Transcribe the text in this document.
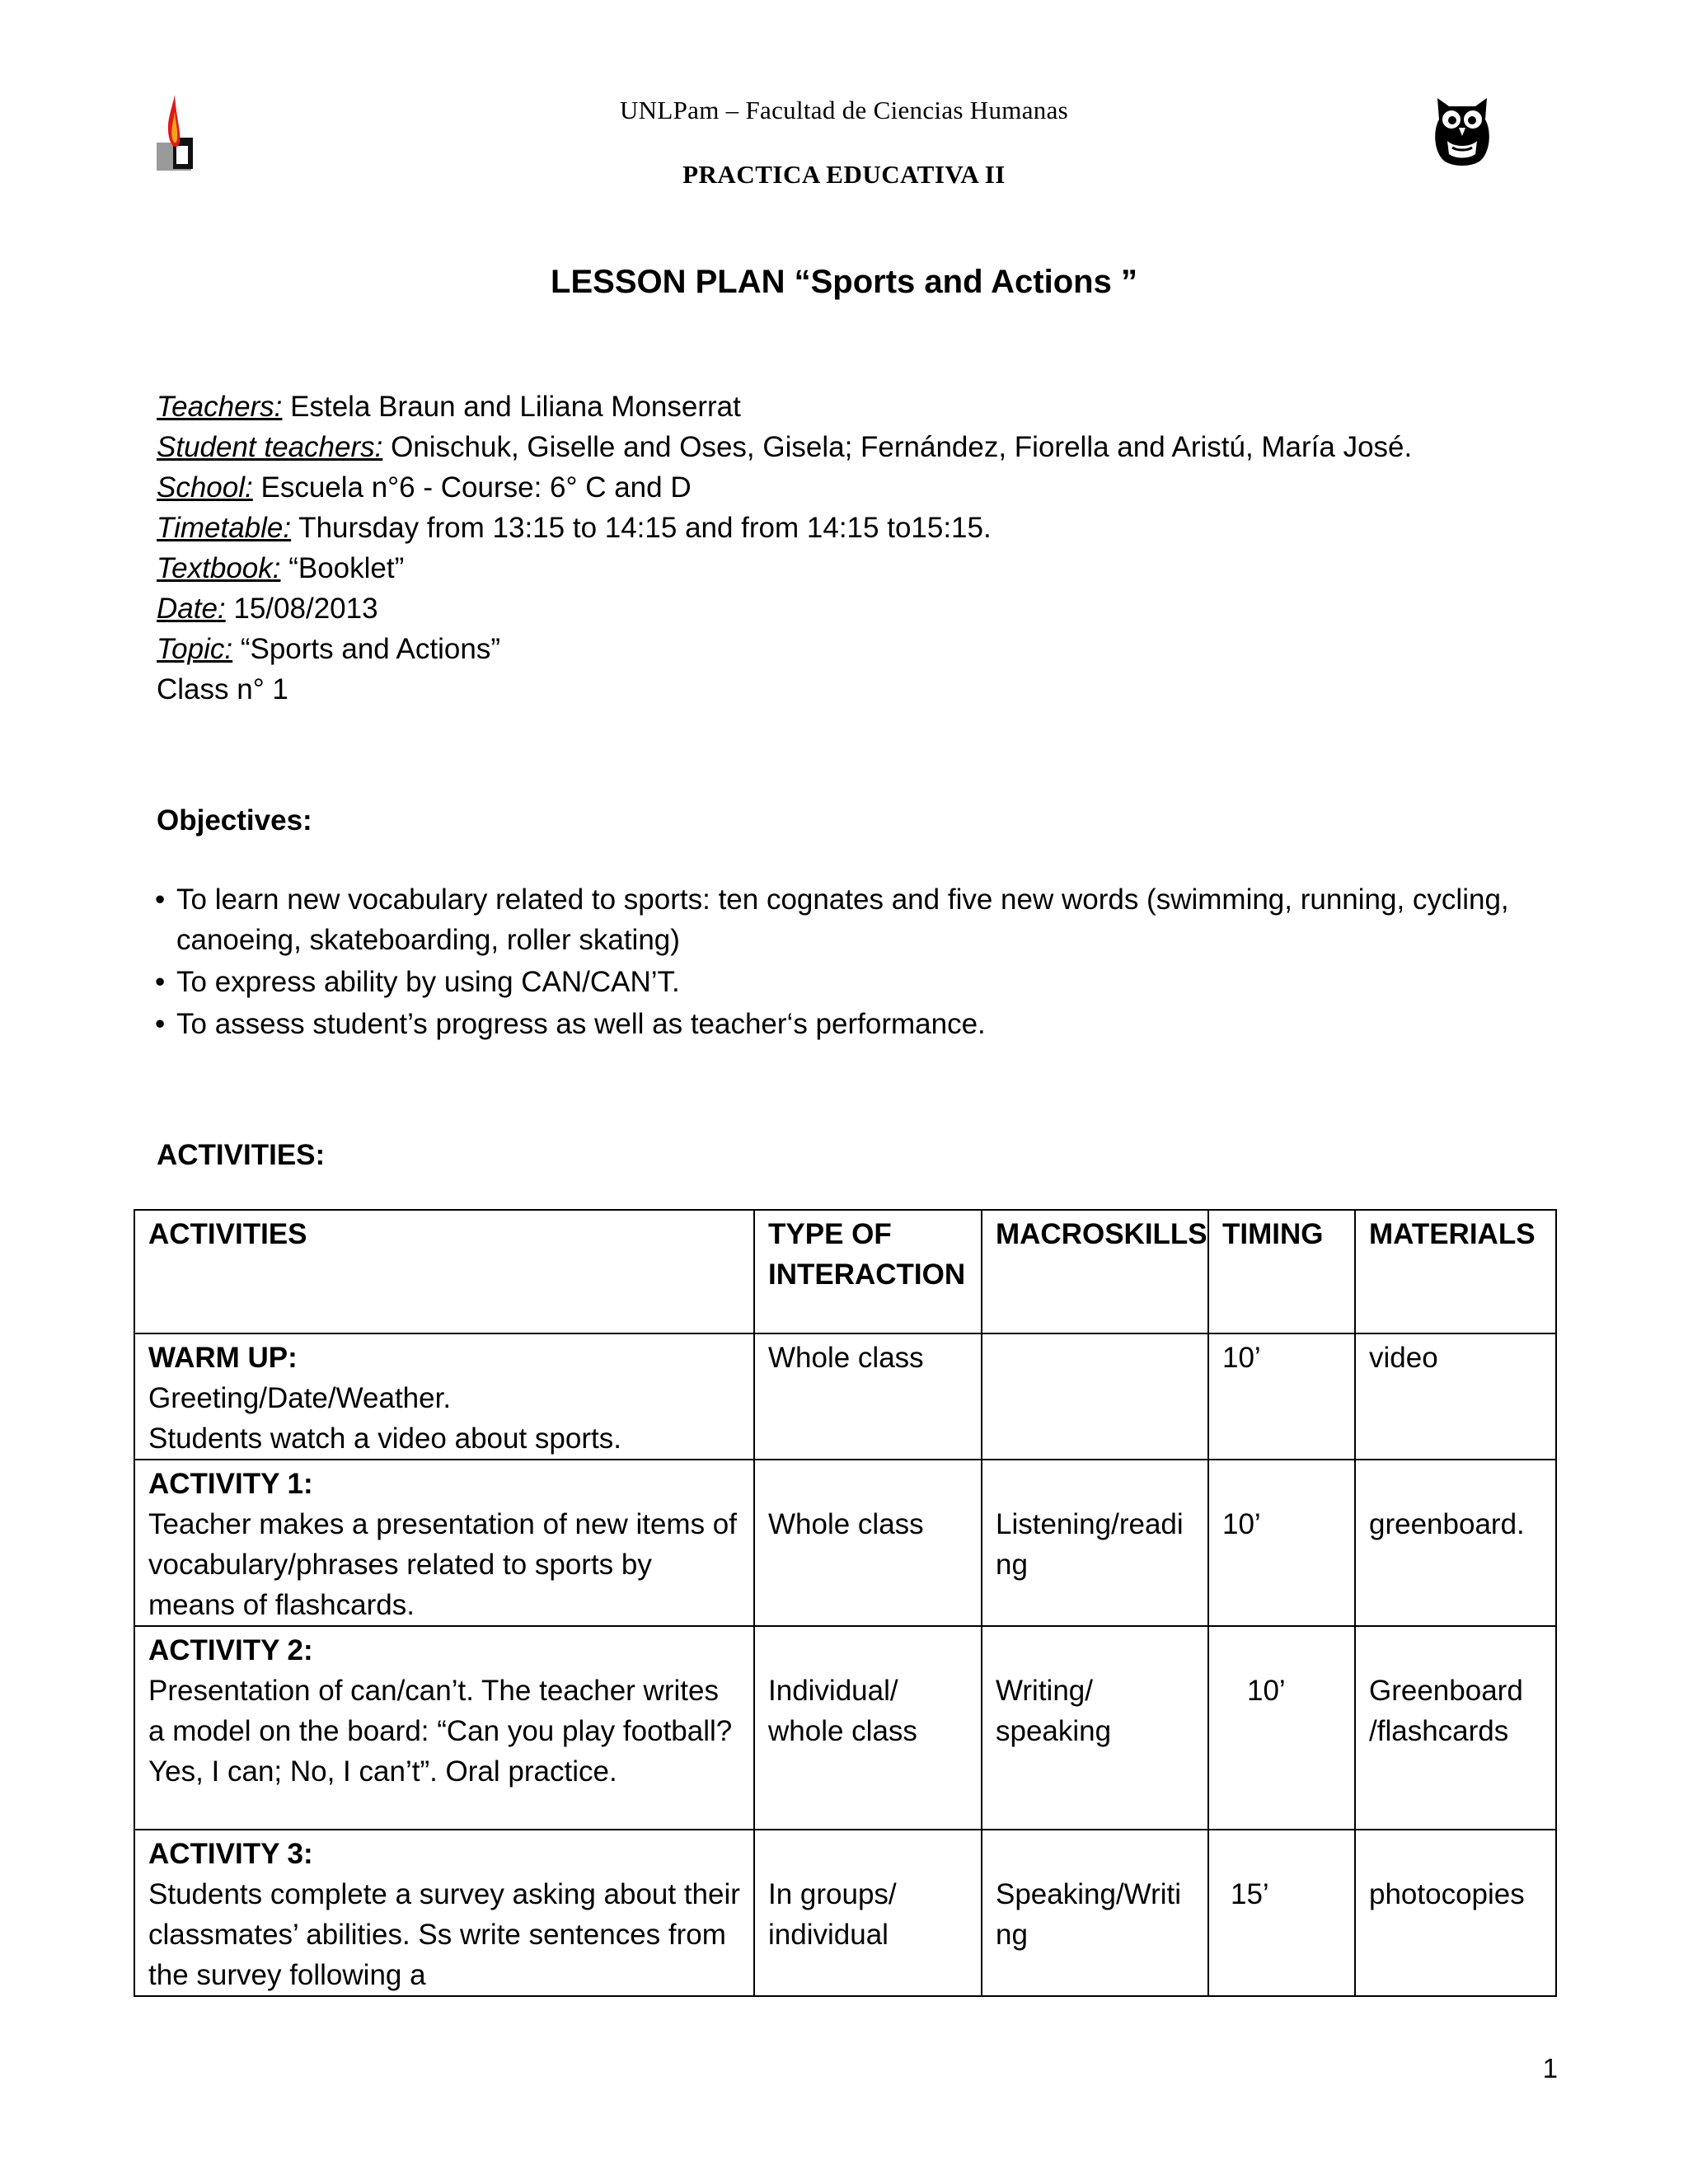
UNLPam – Facultad de Ciencias Humanas
PRACTICA EDUCATIVA II
LESSON PLAN “Sports and Actions ”
Teachers: Estela Braun and Liliana Monserrat
Student teachers: Onischuk, Giselle and Oses, Gisela; Fernández, Fiorella and Aristú, María José.
School: Escuela n°6 - Course: 6° C and D
Timetable: Thursday from 13:15 to 14:15 and from 14:15 to15:15.
Textbook: “Booklet”
Date: 15/08/2013
Topic: “Sports and Actions”
Class n° 1
Objectives:
• To learn new vocabulary related to sports: ten cognates and five new words (swimming, running, cycling, canoeing, skateboarding, roller skating)
• To express ability by using CAN/CAN’T.
• To assess student’s progress as well as teacher‘s performance.
ACTIVITIES:
ACTIVITIES	TYPE OF INTERACTION	MACROSKILLS	TIMING	MATERIALS

WARM UP:
Greeting/Date/Weather.
Students watch a video about sports.	Whole class		10’	video

ACTIVITY 1:
Teacher makes a presentation of new items of vocabulary/phrases related to sports by means of flashcards.	Whole class	Listening/reading	10’	greenboard.

ACTIVITY 2:
Presentation of can/can’t. The teacher writes a model on the board: “Can you play football? Yes, I can; No, I can’t”. Oral practice.	Individual/ whole class	Writing/ speaking	10’	Greenboard /flashcards

ACTIVITY 3:
Students complete a survey asking about their classmates’ abilities. Ss write sentences from the survey following a	In groups/ individual	Speaking/Writing	15’	photocopies
1
